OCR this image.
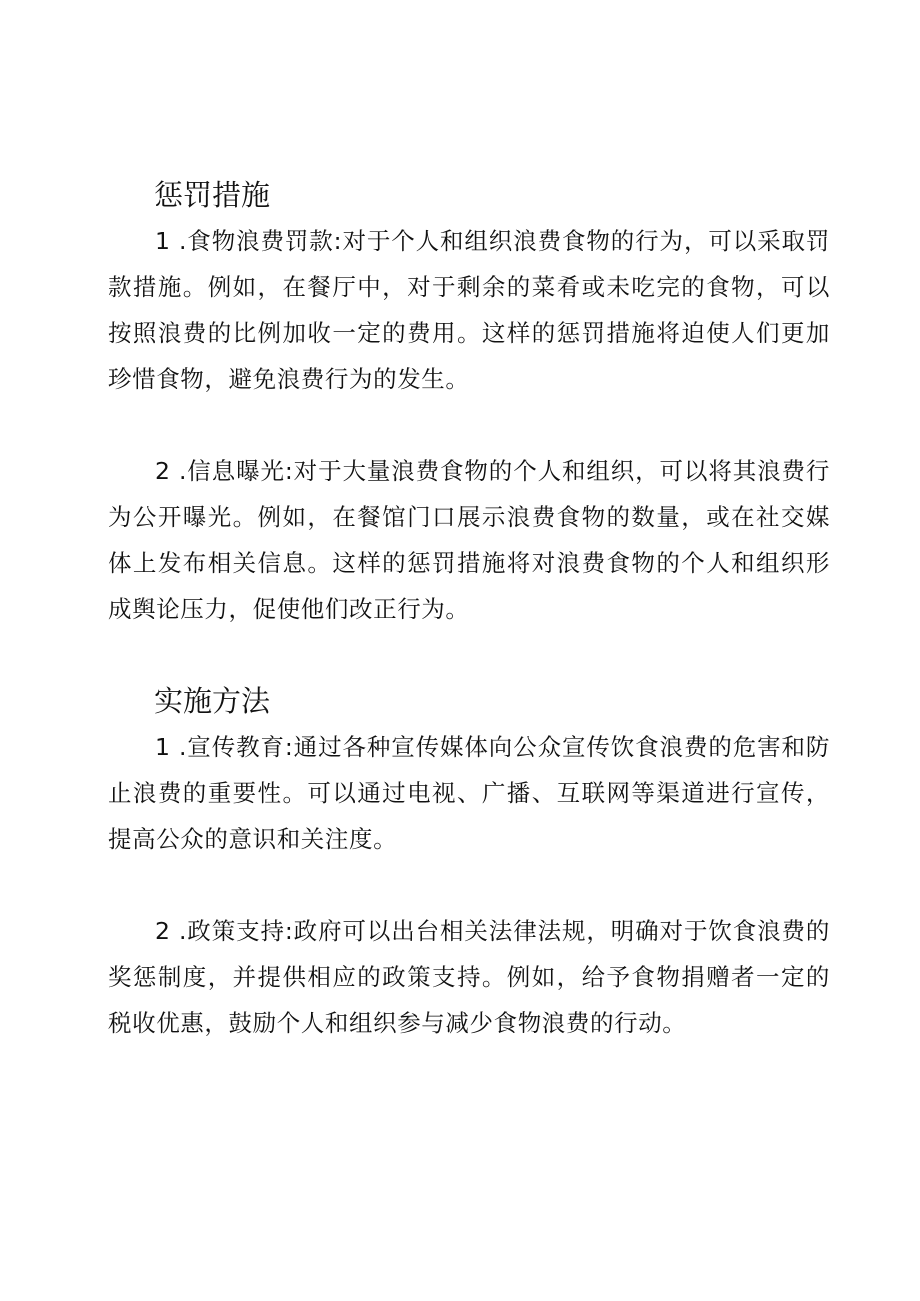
惩罚措施

1 .食物浪费罚款:对于个人和组织浪费食物的行为，可以采取罚款措施。例如，在餐厅中，对于剩余的菜肴或未吃完的食物，可以按照浪费的比例加收一定的费用。这样的惩罚措施将迫使人们更加珍惜食物，避免浪费行为的发生。

2 .信息曝光:对于大量浪费食物的个人和组织，可以将其浪费行为公开曝光。例如，在餐馆门口展示浪费食物的数量，或在社交媒体上发布相关信息。这样的惩罚措施将对浪费食物的个人和组织形成舆论压力，促使他们改正行为。

实施方法

1 .宣传教育:通过各种宣传媒体向公众宣传饮食浪费的危害和防止浪费的重要性。可以通过电视、广播、互联网等渠道进行宣传，提高公众的意识和关注度。

2 .政策支持:政府可以出台相关法律法规，明确对于饮食浪费的奖惩制度，并提供相应的政策支持。例如，给予食物捐赠者一定的税收优惠，鼓励个人和组织参与减少食物浪费的行动。
